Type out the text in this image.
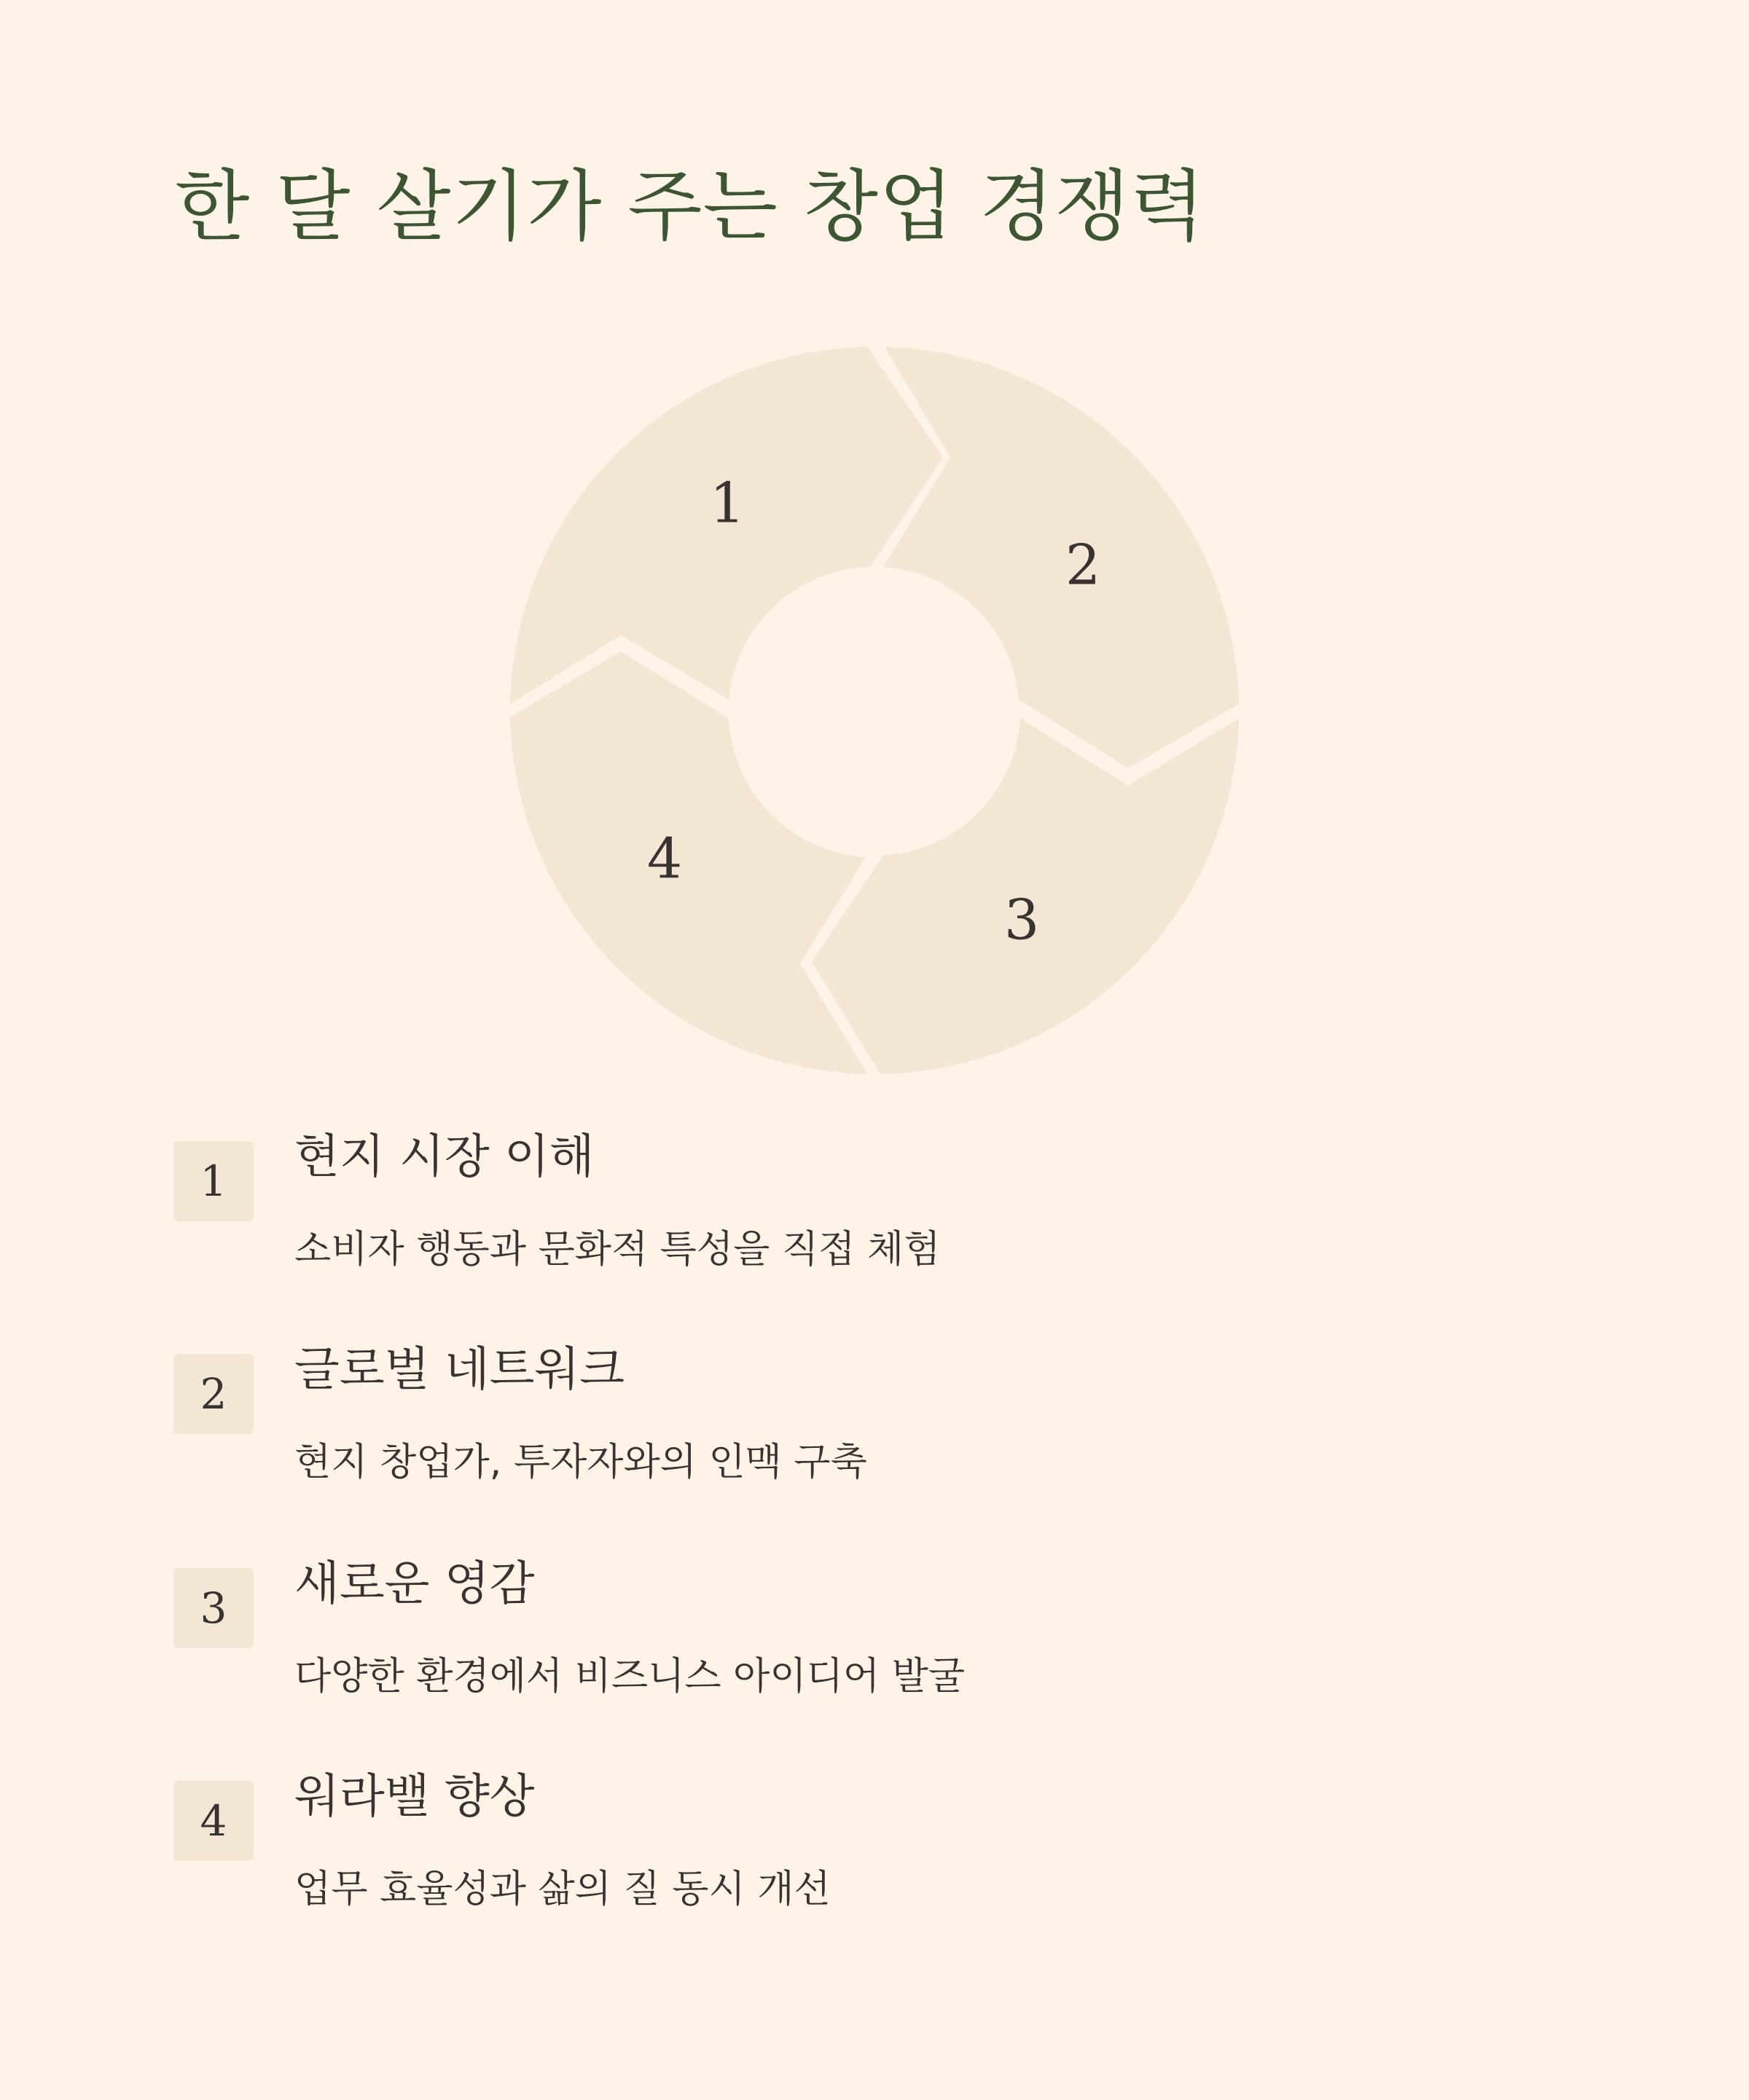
한 달 살기가 주는 창업 경쟁력
1
2
3
4
1	현지 시장 이해
소비자 행동과 문화적 특성을 직접 체험
2	글로벌 네트워크
현지 창업가, 투자자와의 인맥 구축
3	새로운 영감
다양한 환경에서 비즈니스 아이디어 발굴
4	워라밸 향상
업무 효율성과 삶의 질 동시 개선
